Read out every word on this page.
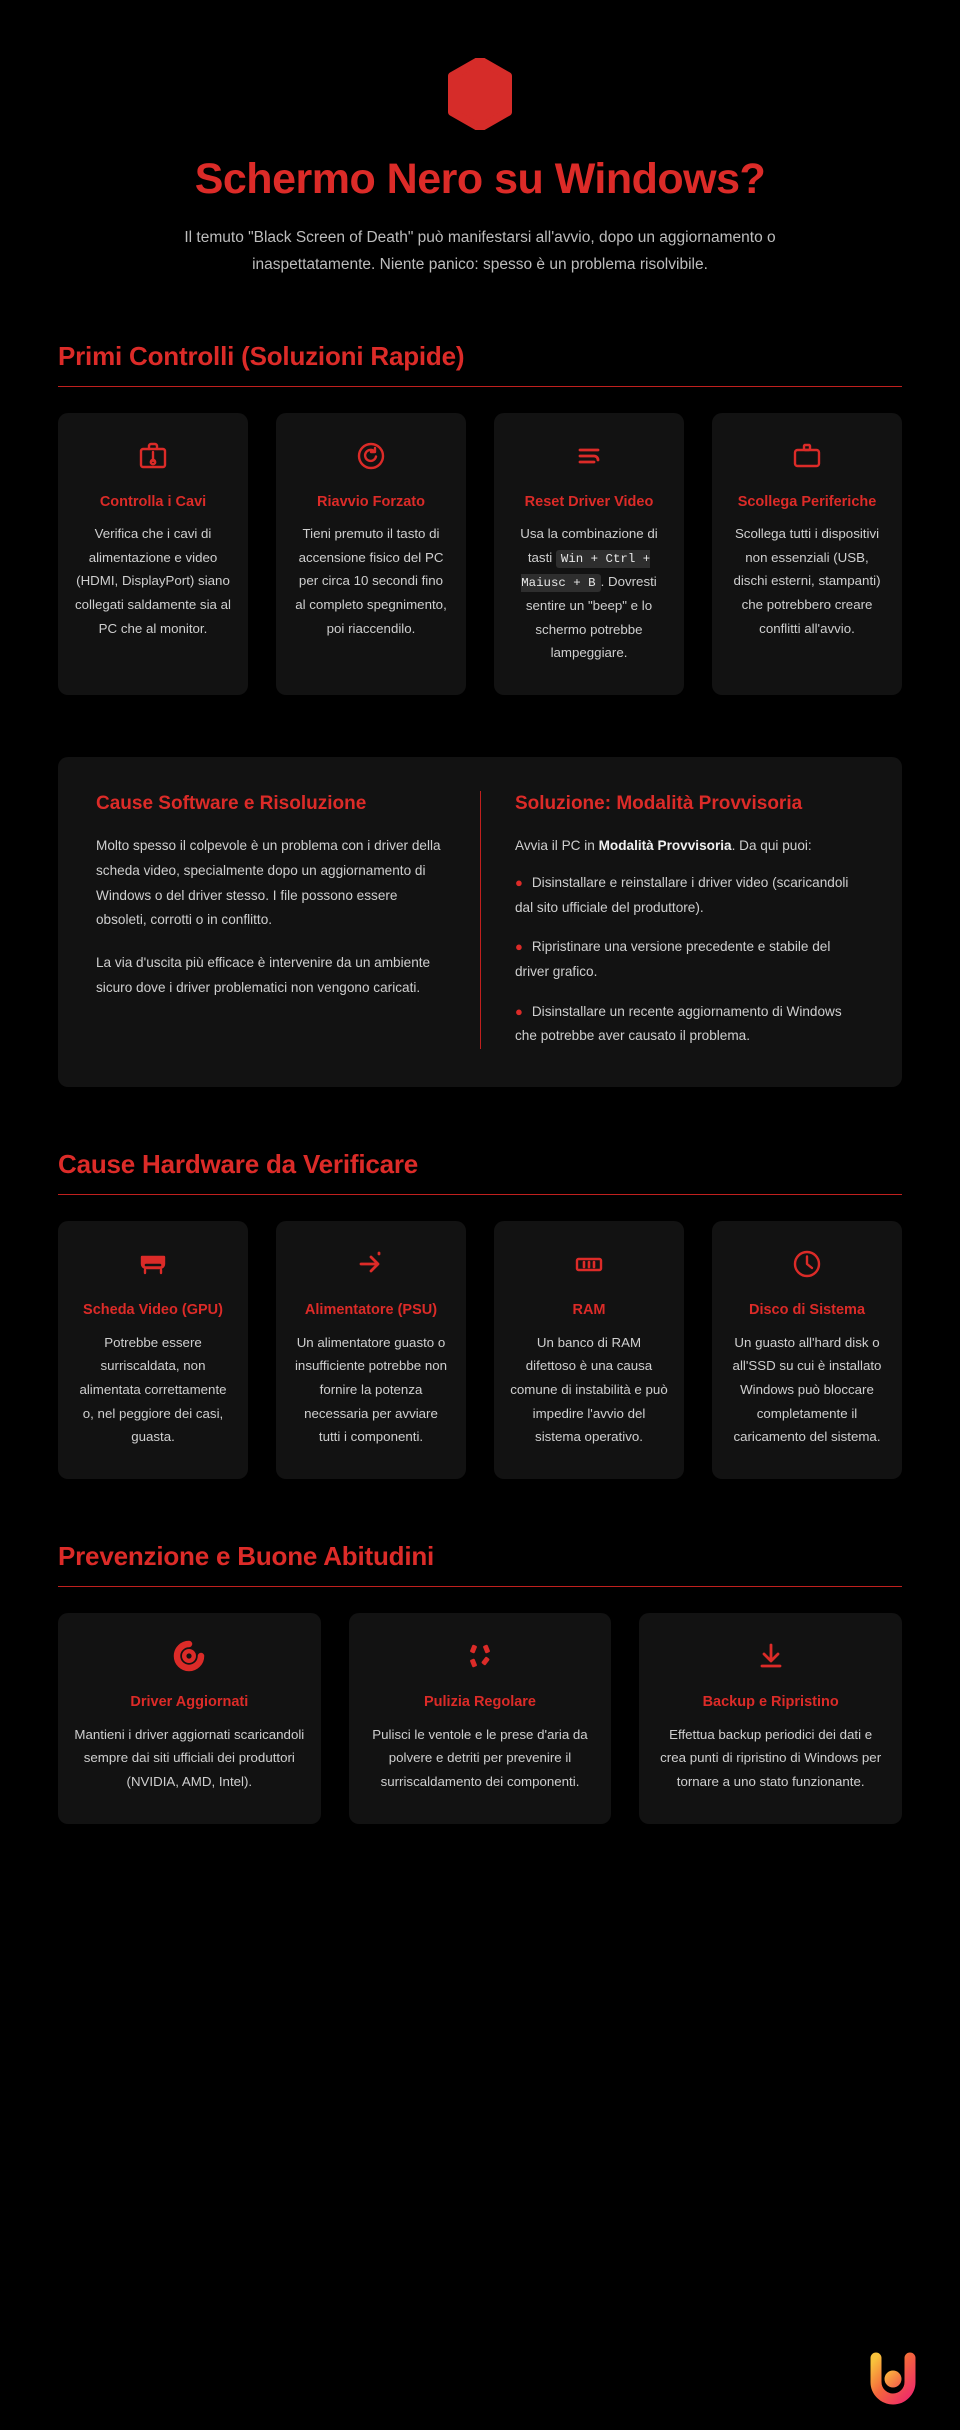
Schermo Nero su Windows?

Il temuto "Black Screen of Death" può manifestarsi all'avvio, dopo un aggiornamento o inaspettatamente. Niente panico: spesso è un problema risolvibile.

Primi Controlli (Soluzioni Rapide)
Controlla i Cavi
Verifica che i cavi di alimentazione e video (HDMI, DisplayPort) siano collegati saldamente sia al PC che al monitor.
Riavvio Forzato
Tieni premuto il tasto di accensione fisico del PC per circa 10 secondi fino al completo spegnimento, poi riaccendilo.
Reset Driver Video
Usa la combinazione di tasti Win + Ctrl + Maiusc + B . Dovresti sentire un "beep" e lo schermo potrebbe lampeggiare.
Scollega Periferiche
Scollega tutti i dispositivi non essenziali (USB, dischi esterni, stampanti) che potrebbero creare conflitti all'avvio.
Cause Software e Risoluzione

Molto spesso il colpevole è un problema con i driver della scheda video, specialmente dopo un aggiornamento di Windows o del driver stesso. I file possono essere obsoleti, corrotti o in conflitto.

La via d'uscita più efficace è intervenire da un ambiente sicuro dove i driver problematici non vengono caricati.

Soluzione: Modalità Provvisoria

Avvia il PC in Modalità Provvisoria. Da qui puoi:

● Disinstallare e reinstallare i driver video (scaricandoli dal sito ufficiale del produttore).
● Ripristinare una versione precedente e stabile del driver grafico.
● Disinstallare un recente aggiornamento di Windows che potrebbe aver causato il problema.
Cause Hardware da Verificare
Scheda Video (GPU)
Potrebbe essere surriscaldata, non alimentata correttamente o, nel peggiore dei casi, guasta.
Alimentatore (PSU)
Un alimentatore guasto o insufficiente potrebbe non fornire la potenza necessaria per avviare tutti i componenti.
RAM
Un banco di RAM difettoso è una causa comune di instabilità e può impedire l'avvio del sistema operativo.
Disco di Sistema
Un guasto all'hard disk o all'SSD su cui è installato Windows può bloccare completamente il caricamento del sistema.
Prevenzione e Buone Abitudini
Driver Aggiornati
Mantieni i driver aggiornati scaricandoli sempre dai siti ufficiali dei produttori (NVIDIA, AMD, Intel).
Pulizia Regolare
Pulisci le ventole e le prese d'aria da polvere e detriti per prevenire il surriscaldamento dei componenti.
Backup e Ripristino
Effettua backup periodici dei dati e crea punti di ripristino di Windows per tornare a uno stato funzionante.
